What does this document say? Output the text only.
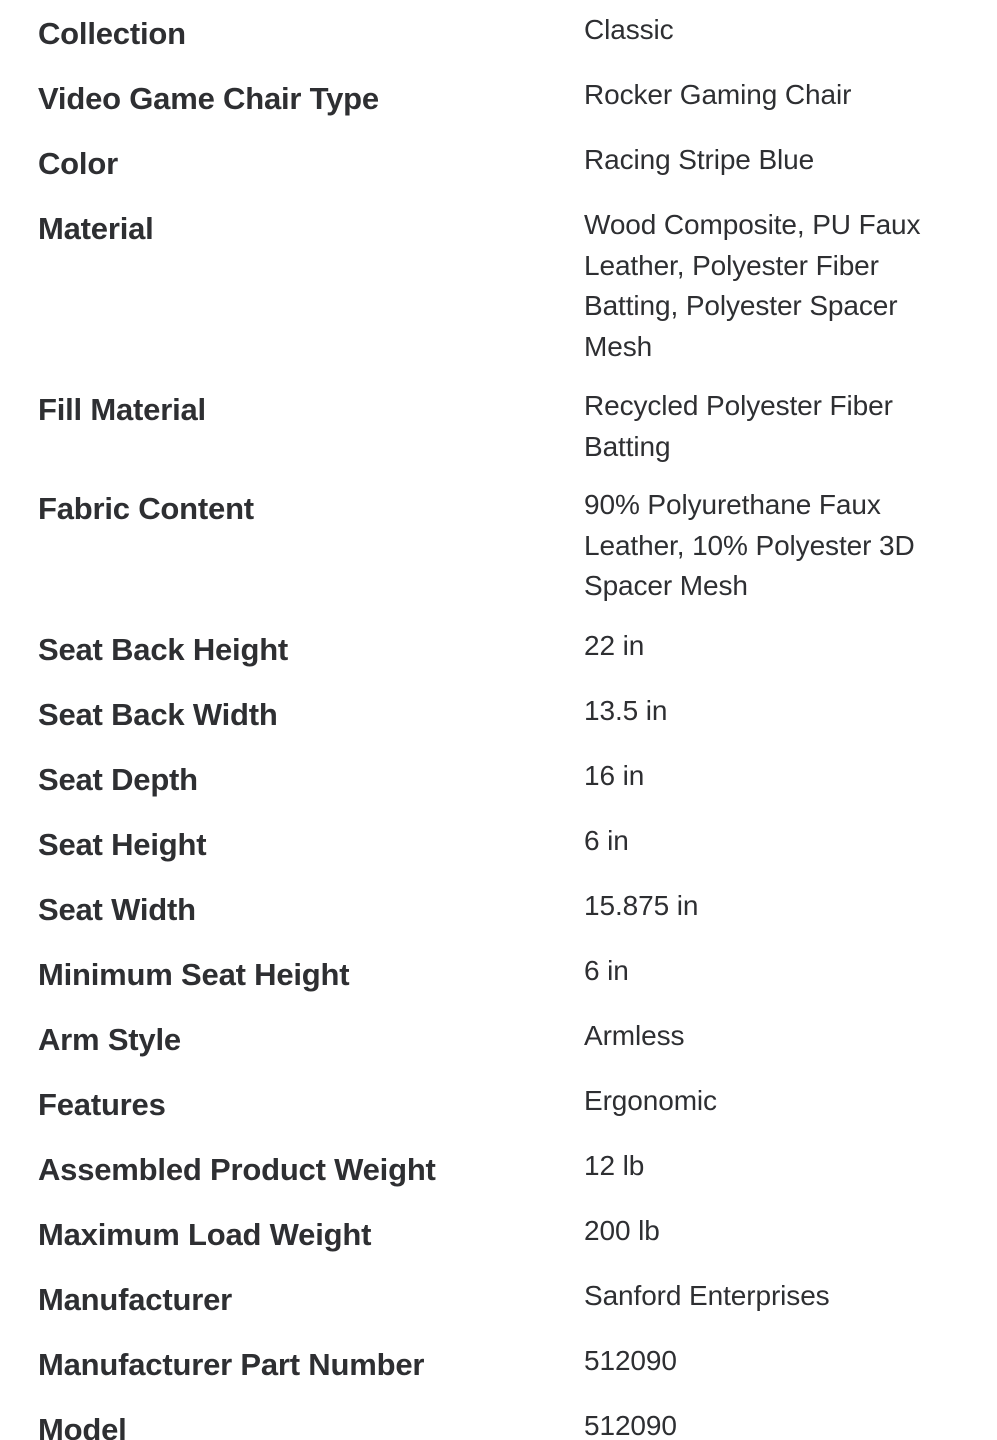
Collection	Classic
Video Game Chair Type	Rocker Gaming Chair
Color	Racing Stripe Blue
Material	Wood Composite, PU Faux Leather, Polyester Fiber Batting, Polyester Spacer Mesh
Fill Material	Recycled Polyester Fiber Batting
Fabric Content	90% Polyurethane Faux Leather, 10% Polyester 3D Spacer Mesh
Seat Back Height	22 in
Seat Back Width	13.5 in
Seat Depth	16 in
Seat Height	6 in
Seat Width	15.875 in
Minimum Seat Height	6 in
Arm Style	Armless
Features	Ergonomic
Assembled Product Weight	12 lb
Maximum Load Weight	200 lb
Manufacturer	Sanford Enterprises
Manufacturer Part Number	512090
Model	512090
